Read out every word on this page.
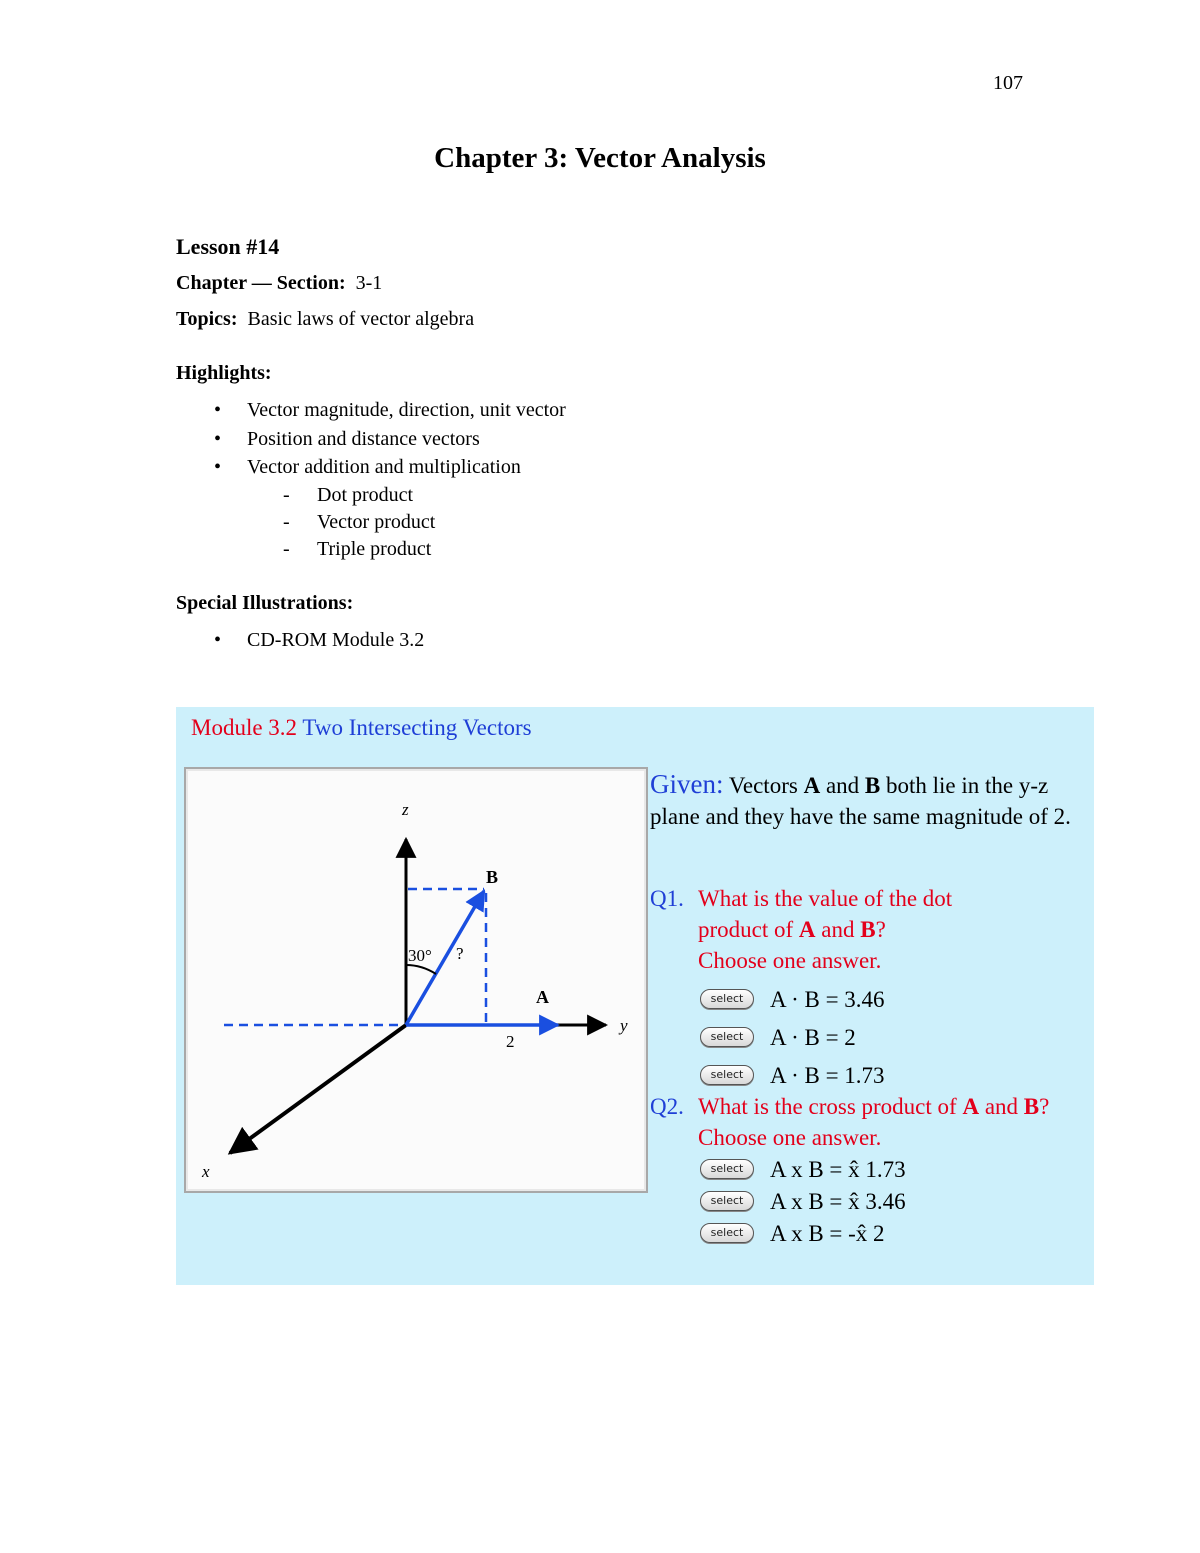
107
Chapter 3: Vector Analysis
Lesson #14
Chapter — Section: 3-1
Topics: Basic laws of vector algebra
Highlights:
• Vector magnitude, direction, unit vector
• Position and distance vectors
• Vector addition and multiplication
- Dot product
- Vector product
- Triple product
Special Illustrations:
• CD-ROM Module 3.2
Module 3.2 Two Intersecting Vectors
z
y
x
B
A
30° ?
2
Given: Vectors A and B both lie in the y-z plane and they have the same magnitude of 2.
Q1. What is the value of the dot product of A and B?
Choose one answer.
select	A · B = 3.46
select	A · B = 2
select	A · B = 1.73
Q2. What is the cross product of A and B?
Choose one answer.
select	A x B = x̂ 1.73
select	A x B = x̂ 3.46
select	A x B = -x̂ 2
